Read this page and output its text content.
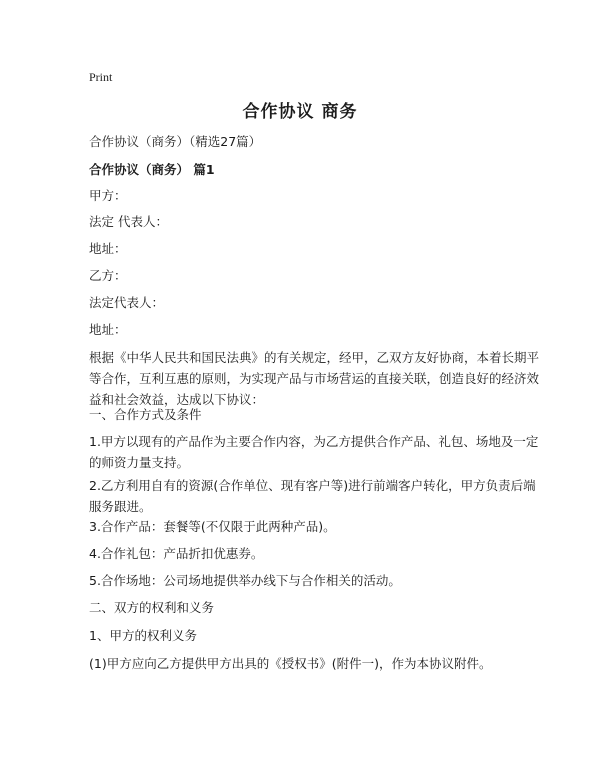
Print
合作协议 商务
合作协议（商务）（精选27篇）
合作协议（商务） 篇1
甲方：
法定 代表人：
地址：
乙方：
法定代表人：
地址：
根据《中华人民共和国民法典》的有关规定，经甲，乙双方友好协商，本着长期平
等合作，互利互惠的原则，为实现产品与市场营运的直接关联，创造良好的经济效
益和社会效益，达成以下协议：
一、合作方式及条件
1.甲方以现有的产品作为主要合作内容，为乙方提供合作产品、礼包、场地及一定
的师资力量支持。
2.乙方利用自有的资源(合作单位、现有客户等)进行前端客户转化，甲方负责后端
服务跟进。
3.合作产品：套餐等(不仅限于此两种产品)。
4.合作礼包：产品折扣优惠券。
5.合作场地：公司场地提供举办线下与合作相关的活动。
二、双方的权利和义务
1、甲方的权利义务
(1)甲方应向乙方提供甲方出具的《授权书》(附件一)，作为本协议附件。
